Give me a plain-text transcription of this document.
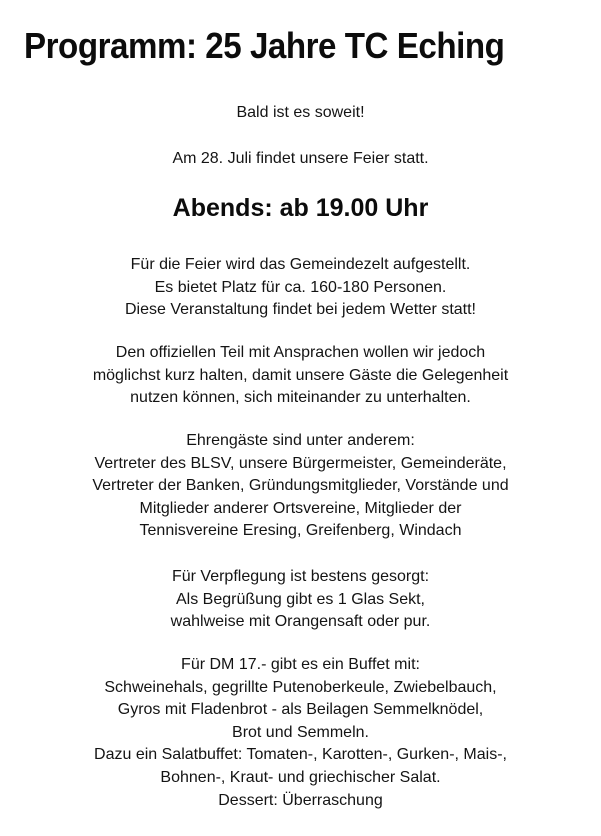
Programm: 25 Jahre TC Eching
Bald ist es soweit!
Am 28. Juli findet unsere Feier statt.
Abends: ab 19.00 Uhr
Für die Feier wird das Gemeindezelt aufgestellt.
Es bietet Platz für ca. 160-180 Personen.
Diese Veranstaltung findet bei jedem Wetter statt!
Den offiziellen Teil mit Ansprachen wollen wir jedoch
möglichst kurz halten, damit unsere Gäste die Gelegenheit
nutzen können, sich miteinander zu unterhalten.
Ehrengäste sind unter anderem:
Vertreter des BLSV, unsere Bürgermeister, Gemeinderäte,
Vertreter der Banken, Gründungsmitglieder, Vorstände und
Mitglieder anderer Ortsvereine, Mitglieder der
Tennisvereine Eresing, Greifenberg, Windach
Für Verpflegung ist bestens gesorgt:
Als Begrüßung gibt es 1 Glas Sekt,
wahlweise mit Orangensaft oder pur.
Für DM 17.- gibt es ein Buffet mit:
Schweinehals, gegrillte Putenoberkeule, Zwiebelbauch,
Gyros mit Fladenbrot - als Beilagen Semmelknödel,
Brot und Semmeln.
Dazu ein Salatbuffet: Tomaten-, Karotten-, Gurken-, Mais-,
Bohnen-, Kraut- und griechischer Salat.
Dessert: Überraschung
